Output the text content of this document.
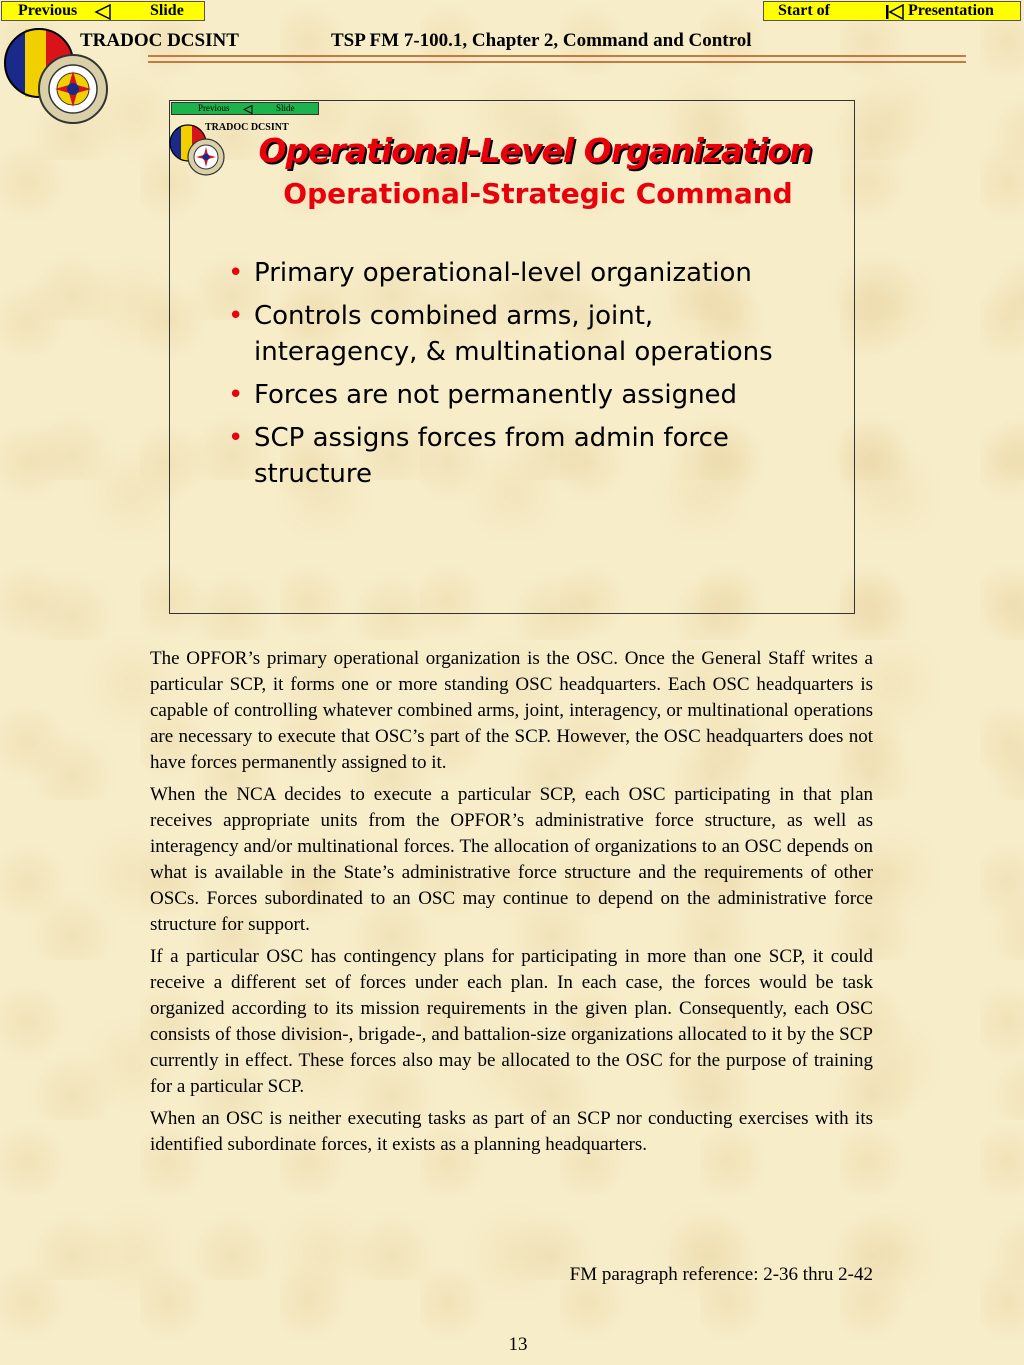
Previous	Slide	Start of	Presentation
TRADOC DCSINT	TSP FM 7-100.1, Chapter 2, Command and Control
Previous	Slide
TRADOC DCSINT
Operational-Level Organization
Operational-Strategic Command
• Primary operational-level organization
• Controls combined arms, joint, interagency, & multinational operations
• Forces are not permanently assigned
• SCP assigns forces from admin force structure

The OPFOR’s primary operational organization is the OSC. Once the General Staff writes a particular SCP, it forms one or more standing OSC headquarters. Each OSC headquarters is capable of controlling whatever combined arms, joint, interagency, or multinational operations are necessary to execute that OSC’s part of the SCP. However, the OSC headquarters does not have forces permanently assigned to it.

When the NCA decides to execute a particular SCP, each OSC participating in that plan receives appropriate units from the OPFOR’s administrative force structure, as well as interagency and/or multinational forces. The allocation of organizations to an OSC depends on what is available in the State’s administrative force structure and the requirements of other OSCs. Forces subordinated to an OSC may continue to depend on the administrative force structure for support.

If a particular OSC has contingency plans for participating in more than one SCP, it could receive a different set of forces under each plan. In each case, the forces would be task organized according to its mission requirements in the given plan. Consequently, each OSC consists of those division-, brigade-, and battalion-size organizations allocated to it by the SCP currently in effect. These forces also may be allocated to the OSC for the purpose of training for a particular SCP.

When an OSC is neither executing tasks as part of an SCP nor conducting exercises with its identified subordinate forces, it exists as a planning headquarters.

FM paragraph reference: 2-36 thru 2-42
13
